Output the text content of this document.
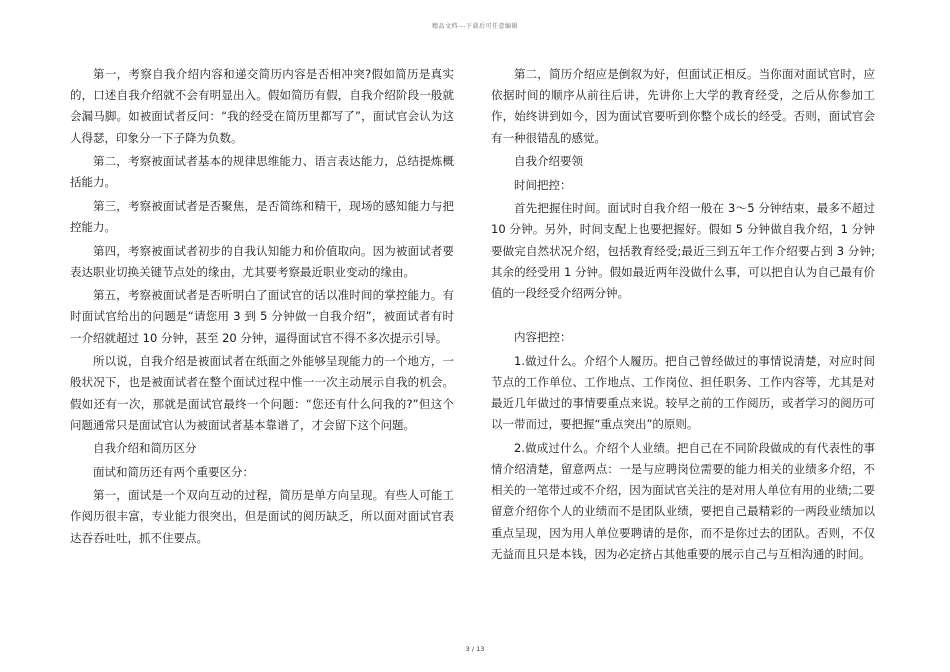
精品文档---下载后可任意编辑

第一，考察自我介绍内容和递交简历内容是否相冲突?假如简历是真实的，口述自我介绍就不会有明显出入。假如简历有假，自我介绍阶段一般就会漏马脚。如被面试者反问：“我的经受在简历里都写了”，面试官会认为这人得瑟，印象分一下子降为负数。

第二，考察被面试者基本的规律思维能力、语言表达能力，总结提炼概括能力。

第三，考察被面试者是否聚焦，是否简练和精干，现场的感知能力与把控能力。

第四，考察被面试者初步的自我认知能力和价值取向。因为被面试者要表达职业切换关键节点处的缘由，尤其要考察最近职业变动的缘由。

第五，考察被面试者是否听明白了面试官的话以准时间的掌控能力。有时面试官给出的问题是“请您用 3 到 5 分钟做一自我介绍”，被面试者有时一介绍就超过 10 分钟，甚至 20 分钟，逼得面试官不得不多次提示引导。

所以说，自我介绍是被面试者在纸面之外能够呈现能力的一个地方，一般状况下，也是被面试者在整个面试过程中惟一一次主动展示自我的机会。假如还有一次，那就是面试官最终一个问题：“您还有什么问我的?”但这个问题通常只是面试官认为被面试者基本靠谱了，才会留下这个问题。

自我介绍和简历区分

面试和简历还有两个重要区分：

第一，面试是一个双向互动的过程，简历是单方向呈现。有些人可能工作阅历很丰富，专业能力很突出，但是面试的阅历缺乏，所以面对面试官表达吞吞吐吐，抓不住要点。

第二，简历介绍应是倒叙为好，但面试正相反。当你面对面试官时，应依据时间的顺序从前往后讲，先讲你上大学的教育经受，之后从你参加工作，始终讲到如今，因为面试官要听到你整个成长的经受。否则，面试官会有一种很错乱的感觉。

自我介绍要领

时间把控：

首先把握住时间。面试时自我介绍一般在 3～5 分钟结束，最多不超过 10 分钟。另外，时间支配上也要把握好。假如 5 分钟做自我介绍，1 分钟要做完自然状况介绍，包括教育经受;最近三到五年工作介绍要占到 3 分钟;其余的经受用 1 分钟。假如最近两年没做什么事，可以把自认为自己最有价值的一段经受介绍两分钟。

内容把控：

1.做过什么。介绍个人履历。把自己曾经做过的事情说清楚，对应时间节点的工作单位、工作地点、工作岗位、担任职务、工作内容等，尤其是对最近几年做过的事情要重点来说。较早之前的工作阅历，或者学习的阅历可以一带而过，要把握“重点突出”的原则。

2.做成过什么。介绍个人业绩。把自己在不同阶段做成的有代表性的事情介绍清楚，留意两点：一是与应聘岗位需要的能力相关的业绩多介绍，不相关的一笔带过或不介绍，因为面试官关注的是对用人单位有用的业绩;二要留意介绍你个人的业绩而不是团队业绩，要把自己最精彩的一两段业绩加以重点呈现，因为用人单位要聘请的是你，而不是你过去的团队。否则，不仅无益而且只是本钱，因为必定挤占其他重要的展示自己与互相沟通的时间。

3 / 13
